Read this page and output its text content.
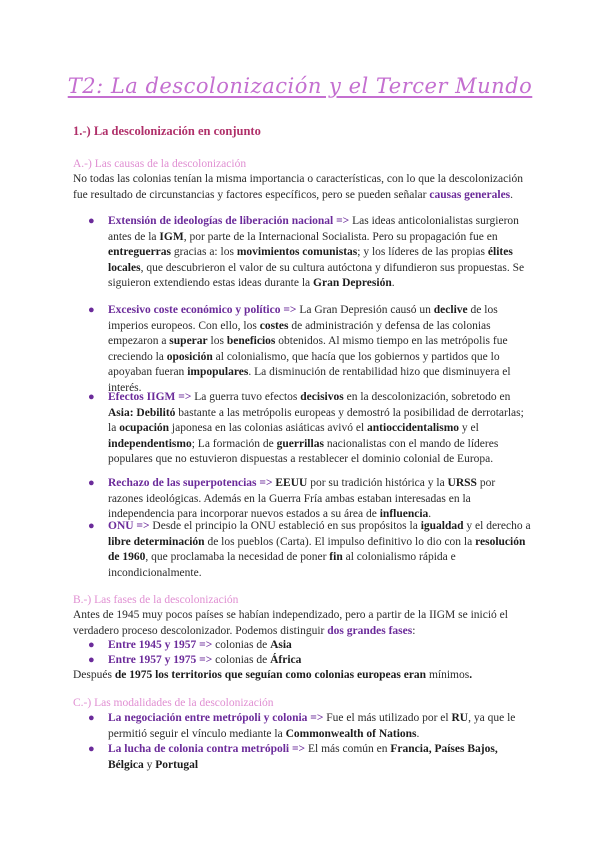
T2: La descolonización y el Tercer Mundo
1.-) La descolonización en conjunto
A.-) Las causas de la descolonización
No todas las colonias tenían la misma importancia o características, con lo que la descolonización fue resultado de circunstancias y factores específicos, pero se pueden señalar causas generales.
●	Extensión de ideologías de liberación nacional => Las ideas anticolonialistas surgieron antes de la IGM, por parte de la Internacional Socialista. Pero su propagación fue en entreguerras gracias a: los movimientos comunistas; y los líderes de las propias élites locales, que descubrieron el valor de su cultura autóctona y difundieron sus propuestas. Se siguieron extendiendo estas ideas durante la Gran Depresión.
●	Excesivo coste económico y político => La Gran Depresión causó un declive de los imperios europeos. Con ello, los costes de administración y defensa de las colonias empezaron a superar los beneficios obtenidos. Al mismo tiempo en las metrópolis fue creciendo la oposición al colonialismo, que hacía que los gobiernos y partidos que lo apoyaban fueran impopulares. La disminución de rentabilidad hizo que disminuyera el interés.
●	Efectos IIGM => La guerra tuvo efectos decisivos en la descolonización, sobretodo en Asia: Debilitó bastante a las metrópolis europeas y demostró la posibilidad de derrotarlas; la ocupación japonesa en las colonias asiáticas avivó el antioccidentalismo y el independentismo; La formación de guerrillas nacionalistas con el mando de líderes populares que no estuvieron dispuestas a restablecer el dominio colonial de Europa.
●	Rechazo de las superpotencias => EEUU por su tradición histórica y la URSS por razones ideológicas. Además en la Guerra Fría ambas estaban interesadas en la independencia para incorporar nuevos estados a su área de influencia.
●	ONU => Desde el principio la ONU estableció en sus propósitos la igualdad y el derecho a libre determinación de los pueblos (Carta). El impulso definitivo lo dio con la resolución de 1960, que proclamaba la necesidad de poner fin al colonialismo rápida e incondicionalmente.
B.-) Las fases de la descolonización
Antes de 1945 muy pocos países se habían independizado, pero a partir de la IIGM se inició el verdadero proceso descolonizador. Podemos distinguir dos grandes fases:
●	Entre 1945 y 1957 => colonias de Asia
●	Entre 1957 y 1975 => colonias de África
Después de 1975 los territorios que seguían como colonias europeas eran mínimos.
C.-) Las modalidades de la descolonización
●	La negociación entre metrópoli y colonia => Fue el más utilizado por el RU, ya que le permitió seguir el vínculo mediante la Commonwealth of Nations.
●	La lucha de colonia contra metrópoli => El más común en Francia, Países Bajos, Bélgica y Portugal
